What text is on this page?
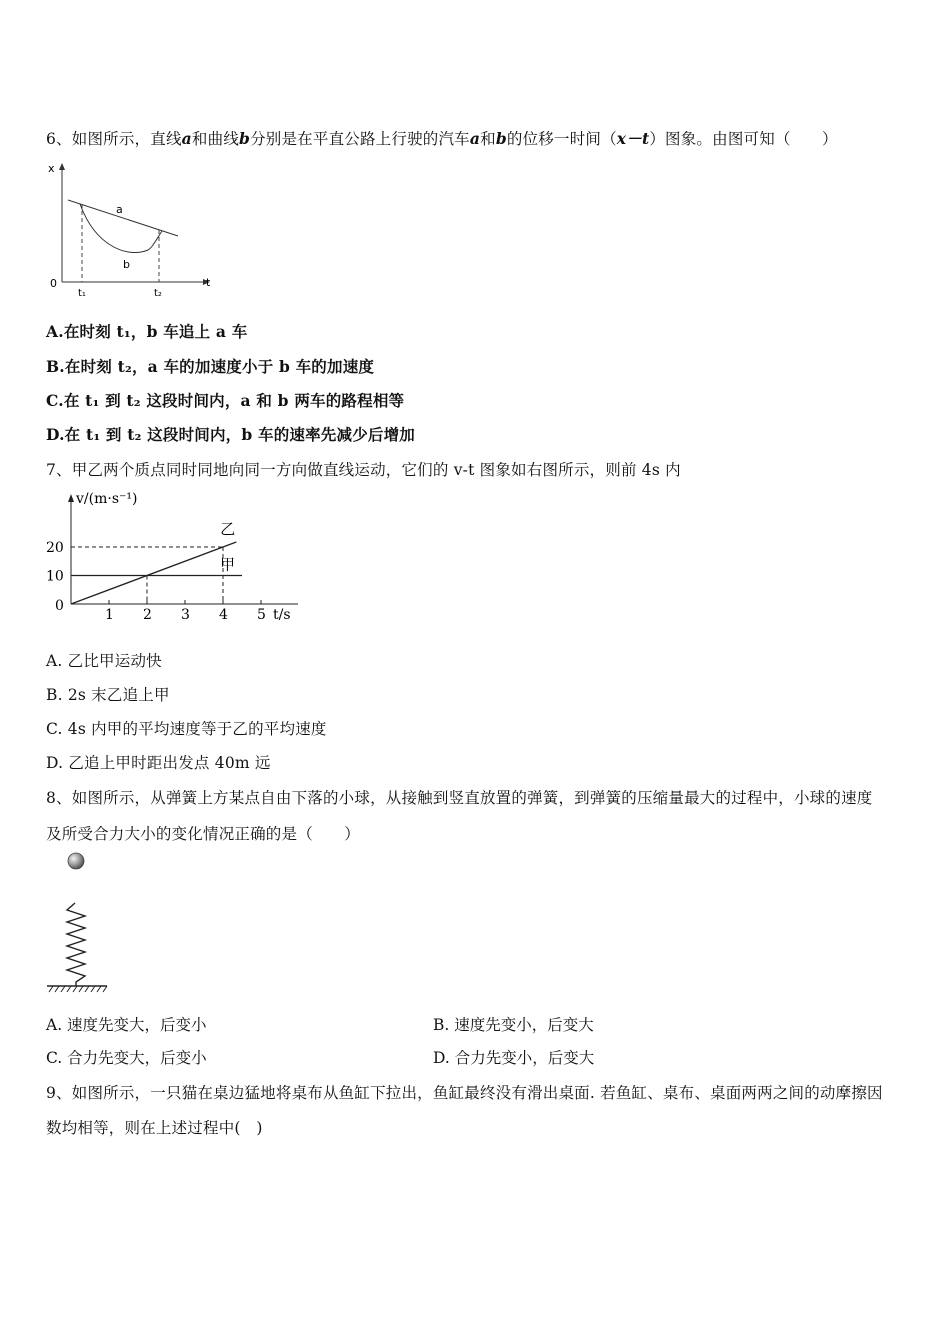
6、如图所示，直线a和曲线b分别是在平直公路上行驶的汽车a和b的位移一时间（x－t）图象。由图可知（　　）
x
t
0
a
b
t₁	t₂
A.在时刻 t₁，b 车追上 a 车
B.在时刻 t₂，a 车的加速度小于 b 车的加速度
C.在 t₁ 到 t₂ 这段时间内，a 和 b 两车的路程相等
D.在 t₁ 到 t₂ 这段时间内，b 车的速率先减少后增加
7、甲乙两个质点同时同地向同一方向做直线运动，它们的 v-t 图象如右图所示，则前 4s 内
v/(m·s⁻¹)
t/s
0
1 2 3 4 5
10
20
甲
乙
A. 乙比甲运动快
B. 2s 末乙追上甲
C. 4s 内甲的平均速度等于乙的平均速度
D. 乙追上甲时距出发点 40m 远
8、如图所示，从弹簧上方某点自由下落的小球，从接触到竖直放置的弹簧，到弹簧的压缩量最大的过程中，小球的速度
及所受合力大小的变化情况正确的是（　　）
A. 速度先变大，后变小	B. 速度先变小，后变大
C. 合力先变大，后变小	D. 合力先变小，后变大
9、如图所示，一只猫在桌边猛地将桌布从鱼缸下拉出，鱼缸最终没有滑出桌面. 若鱼缸、桌布、桌面两两之间的动摩擦因
数均相等，则在上述过程中(　)
